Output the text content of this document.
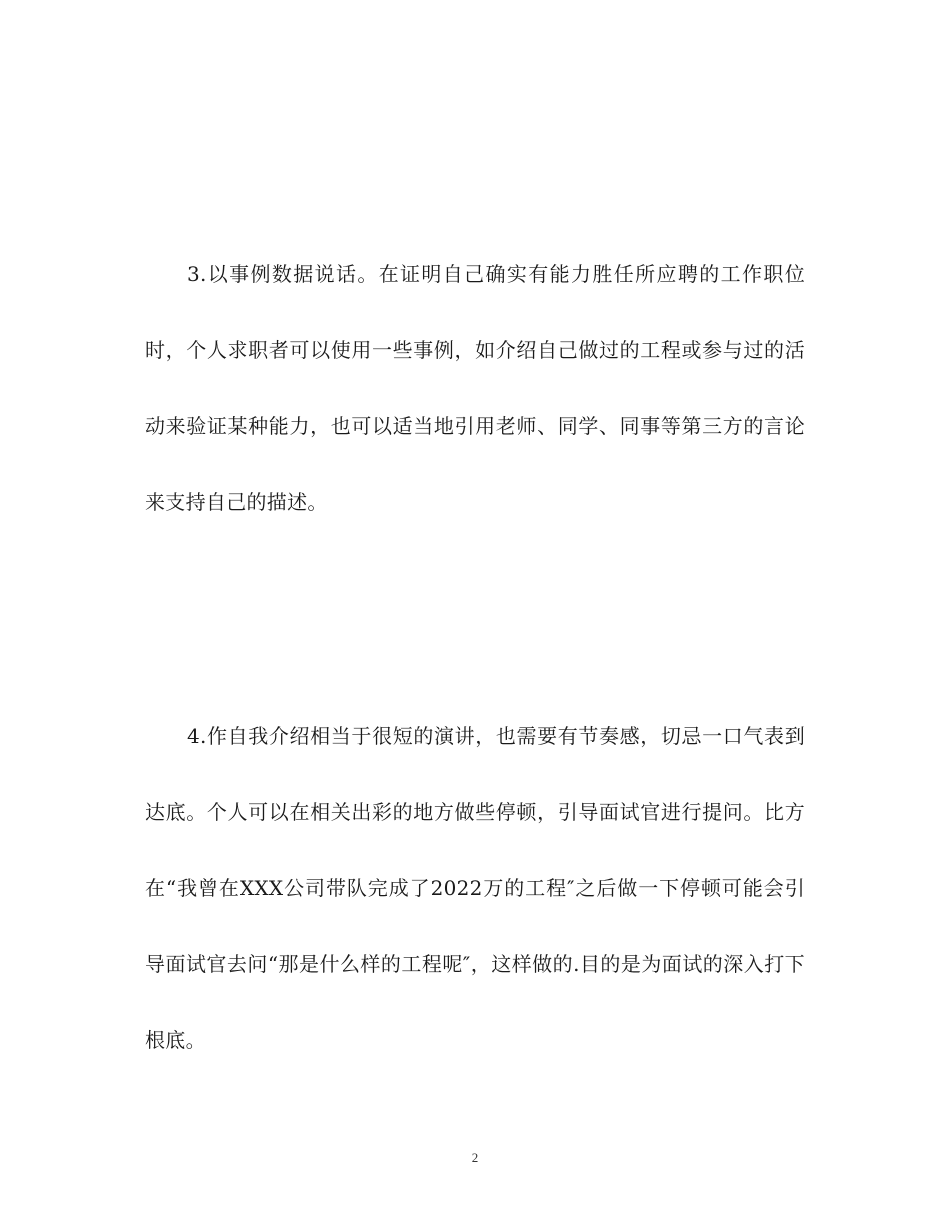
3.以事例数据说话。在证明自己确实有能力胜任所应聘的工作职位时，个人求职者可以使用一些事例，如介绍自己做过的工程或参与过的活动来验证某种能力，也可以适当地引用老师、同学、同事等第三方的言论来支持自己的描述。

4.作自我介绍相当于很短的演讲，也需要有节奏感，切忌一口气表到达底。个人可以在相关出彩的地方做些停顿，引导面试官进行提问。比方在“我曾在XXX公司带队完成了2022万的工程″之后做一下停顿可能会引导面试官去问“那是什么样的工程呢″，这样做的.目的是为面试的深入打下根底。

2
